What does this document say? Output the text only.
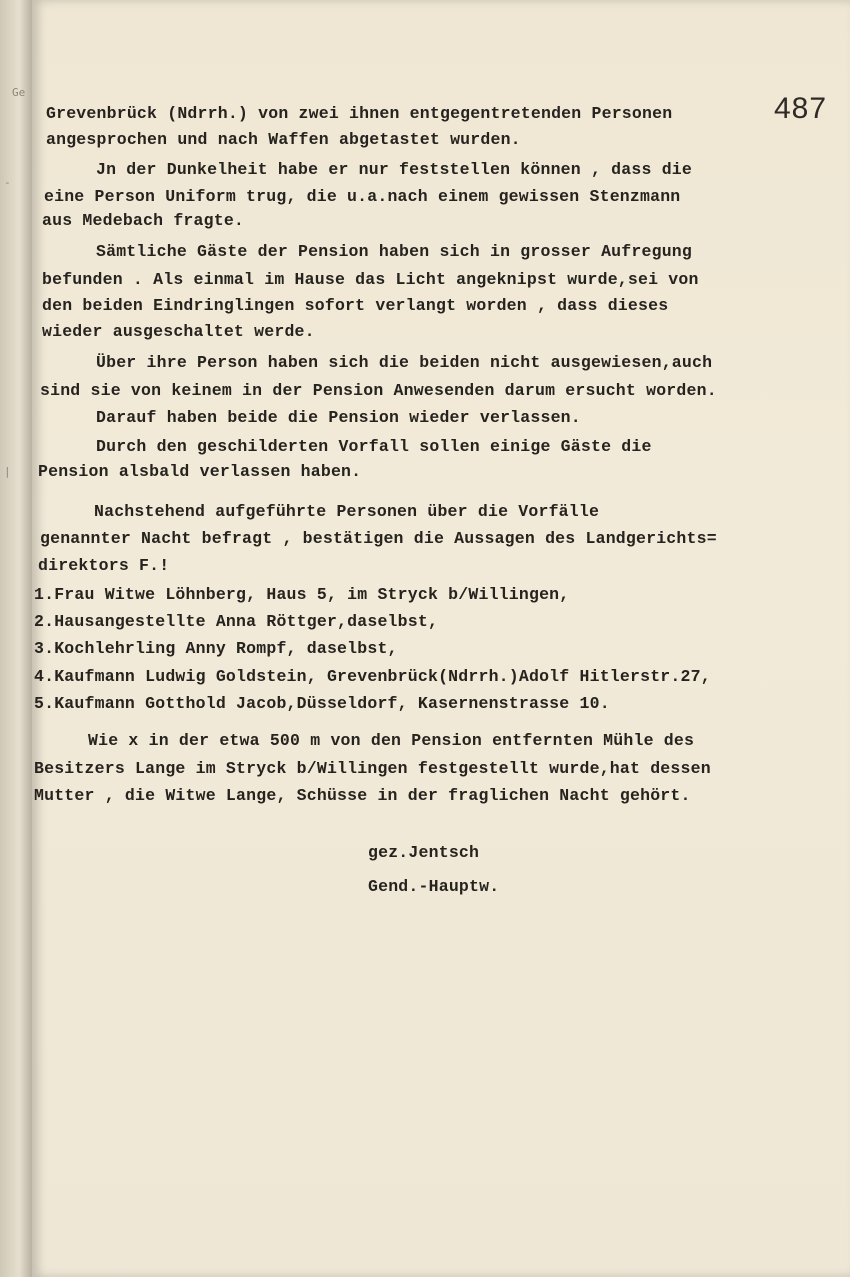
Ge
-
|
487
Grevenbrück (Ndrrh.) von zwei ihnen entgegentretenden Personen
angesprochen und nach Waffen abgetastet wurden.
Jn der Dunkelheit habe er nur feststellen können , dass die
eine Person Uniform trug, die u.a.nach einem gewissen Stenzmann
aus Medebach fragte.
Sämtliche Gäste der Pension haben sich in grosser Aufregung
befunden . Als einmal im Hause das Licht angeknipst wurde,sei von
den beiden Eindringlingen sofort verlangt worden , dass dieses
wieder ausgeschaltet werde.
Über ihre Person haben sich die beiden nicht ausgewiesen,auch
sind sie von keinem in der Pension Anwesenden darum ersucht worden.
Darauf haben beide die Pension wieder verlassen.
Durch den geschilderten Vorfall sollen einige Gäste die
Pension alsbald verlassen haben.
Nachstehend aufgeführte Personen über die Vorfälle
genannter Nacht befragt , bestätigen die Aussagen des Landgerichts=
direktors F.!
1.Frau Witwe Löhnberg, Haus 5, im Stryck b/Willingen,
2.Hausangestellte Anna Röttger,daselbst,
3.Kochlehrling Anny Rompf, daselbst,
4.Kaufmann Ludwig Goldstein, Grevenbrück(Ndrrh.)Adolf Hitlerstr.27,
5.Kaufmann Gotthold Jacob,Düsseldorf, Kasernenstrasse 10.
Wie x in der etwa 500 m von den Pension entfernten Mühle des
Besitzers Lange im Stryck b/Willingen festgestellt wurde,hat dessen
Mutter , die Witwe Lange, Schüsse in der fraglichen Nacht gehört.
gez.Jentsch
Gend.-Hauptw.
